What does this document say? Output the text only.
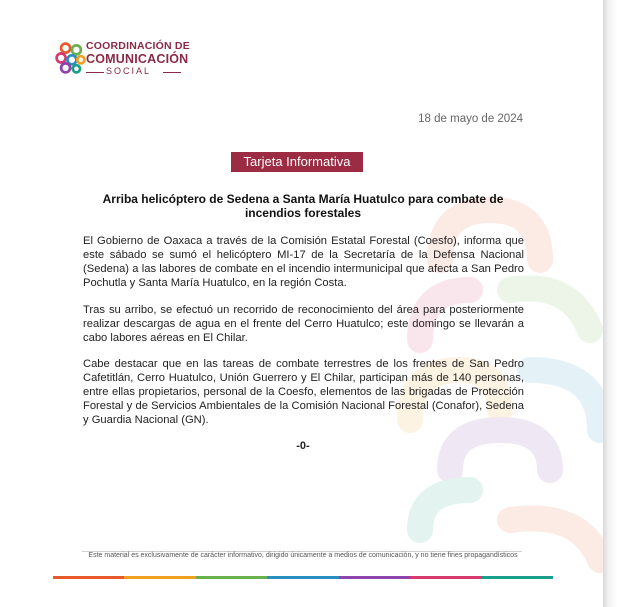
COORDINACIÓN DE
COMUNICACIÓN
SOCIAL
18 de mayo de 2024
Tarjeta Informativa
Arriba helicóptero de Sedena a Santa María Huatulco para combate de incendios forestales

El Gobierno de Oaxaca a través de la Comisión Estatal Forestal (Coesfo), informa que este sábado se sumó el helicóptero MI-17 de la Secretaría de la Defensa Nacional (Sedena) a las labores de combate en el incendio intermunicipal que afecta a San Pedro Pochutla y Santa María Huatulco, en la región Costa.

Tras su arribo, se efectuó un recorrido de reconocimiento del área para posteriormente realizar descargas de agua en el frente del Cerro Huatulco; este domingo se llevarán a cabo labores aéreas en El Chilar.

Cabe destacar que en las tareas de combate terrestres de los frentes de San Pedro Cafetitlán, Cerro Huatulco, Unión Guerrero y El Chilar, participan más de 140 personas, entre ellas propietarios, personal de la Coesfo, elementos de las brigadas de Protección Forestal y de Servicios Ambientales de la Comisión Nacional Forestal (Conafor), Sedena y Guardia Nacional (GN).

-0-
Este material es exclusivamente de carácter informativo, dirigido únicamente a medios de comunicación, y no tiene fines propagandísticos
